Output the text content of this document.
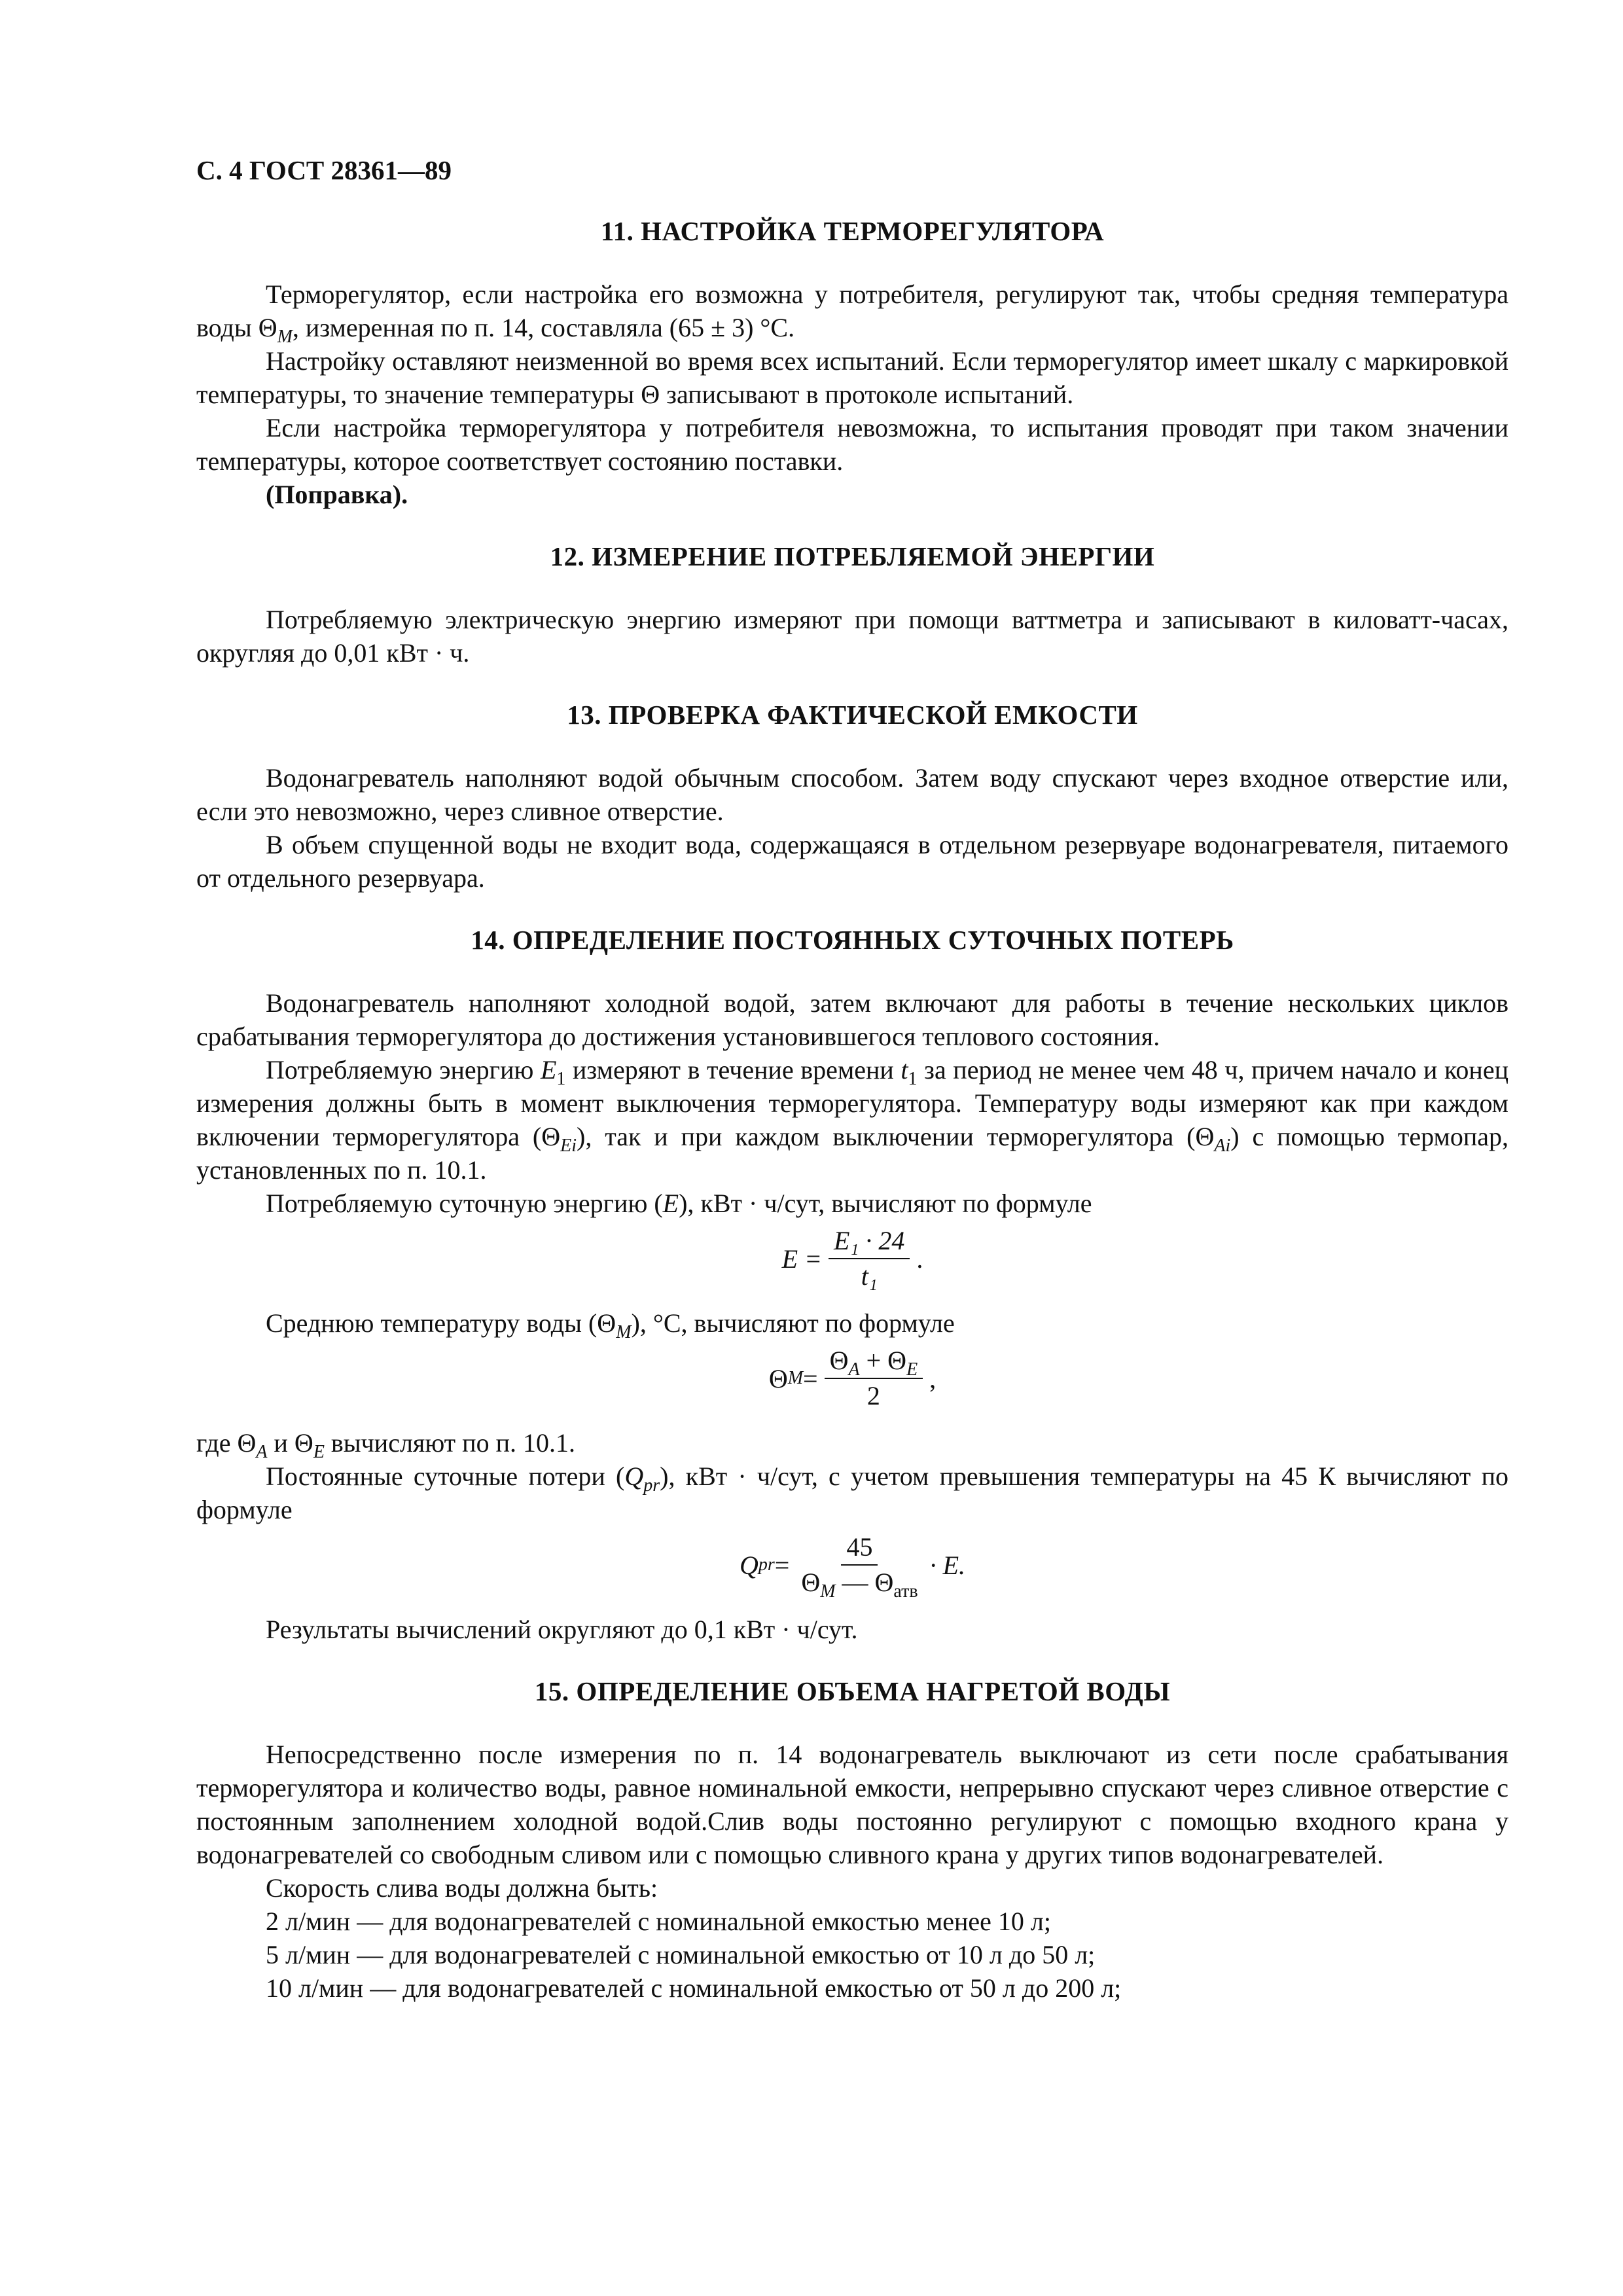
С. 4 ГОСТ 28361—89
11. НАСТРОЙКА ТЕРМОРЕГУЛЯТОРА

Терморегулятор, если настройка его возможна у потребителя, регулируют так, чтобы средняя температура воды $\Theta_M$, измеренная по п. 14, составляла (65 ± 3) °С.

Настройку оставляют неизменной во время всех испытаний. Если терморегулятор имеет шкалу с маркировкой температуры, то значение температуры Θ записывают в протоколе испытаний.

Если настройка терморегулятора у потребителя невозможна, то испытания проводят при таком значении температуры, которое соответствует состоянию поставки.

(Поправка).

12. ИЗМЕРЕНИЕ ПОТРЕБЛЯЕМОЙ ЭНЕРГИИ

Потребляемую электрическую энергию измеряют при помощи ваттметра и записывают в киловатт-часах, округляя до 0,01 кВт · ч.

13. ПРОВЕРКА ФАКТИЧЕСКОЙ ЕМКОСТИ

Водонагреватель наполняют водой обычным способом. Затем воду спускают через входное отверстие или, если это невозможно, через сливное отверстие.

В объем спущенной воды не входит вода, содержащаяся в отдельном резервуаре водонагревателя, питаемого от отдельного резервуара.

14. ОПРЕДЕЛЕНИЕ ПОСТОЯННЫХ СУТОЧНЫХ ПОТЕРЬ

Водонагреватель наполняют холодной водой, затем включают для работы в течение нескольких циклов срабатывания терморегулятора до достижения установившегося теплового состояния.

Потребляемую энергию $E_1$ измеряют в течение времени $t_1$ за период не менее чем 48 ч, причем начало и конец измерения должны быть в момент выключения терморегулятора. Температуру воды измеряют как при каждом включении терморегулятора $(\Theta_{Ei})$, так и при каждом выключении терморегулятора $(\Theta_{Ai})$ с помощью термопар, установленных по п. 10.1.

Потребляемую суточную энергию (E), кВт · ч/сут, вычисляют по формуле

$E = \frac{\text{E₁ · 24}}{\text{t₁}}$ .

Среднюю температуру воды $(\Theta_M)$, °С, вычисляют по формуле

Θ $M = \frac{\Theta_A + \Theta_E}{2}$ ,

где $\Theta_A$ и $\Theta_E$ вычисляют по п. 10.1.

Постоянные суточные потери $(Q_{pr})$, кВт · ч/сут, с учетом превышения температуры на 45 К вычисляют по формуле

Q pr = $\frac{45}{\Theta_M — \Theta_{атв}} \cdot E$.

Результаты вычислений округляют до 0,1 кВт · ч/сут.

15. ОПРЕДЕЛЕНИЕ ОБЪЕМА НАГРЕТОЙ ВОДЫ

Непосредственно после измерения по п. 14 водонагреватель выключают из сети после срабатывания терморегулятора и количество воды, равное номинальной емкости, непрерывно спускают через сливное отверстие с постоянным заполнением холодной водой.Слив воды постоянно регулируют с помощью входного крана у водонагревателей со свободным сливом или с помощью сливного крана у других типов водонагревателей.

Скорость слива воды должна быть:

2 л/мин — для водонагревателей с номинальной емкостью менее 10 л;

5 л/мин — для водонагревателей с номинальной емкостью от 10 л до 50 л;

10 л/мин — для водонагревателей с номинальной емкостью от 50 л до 200 л;
